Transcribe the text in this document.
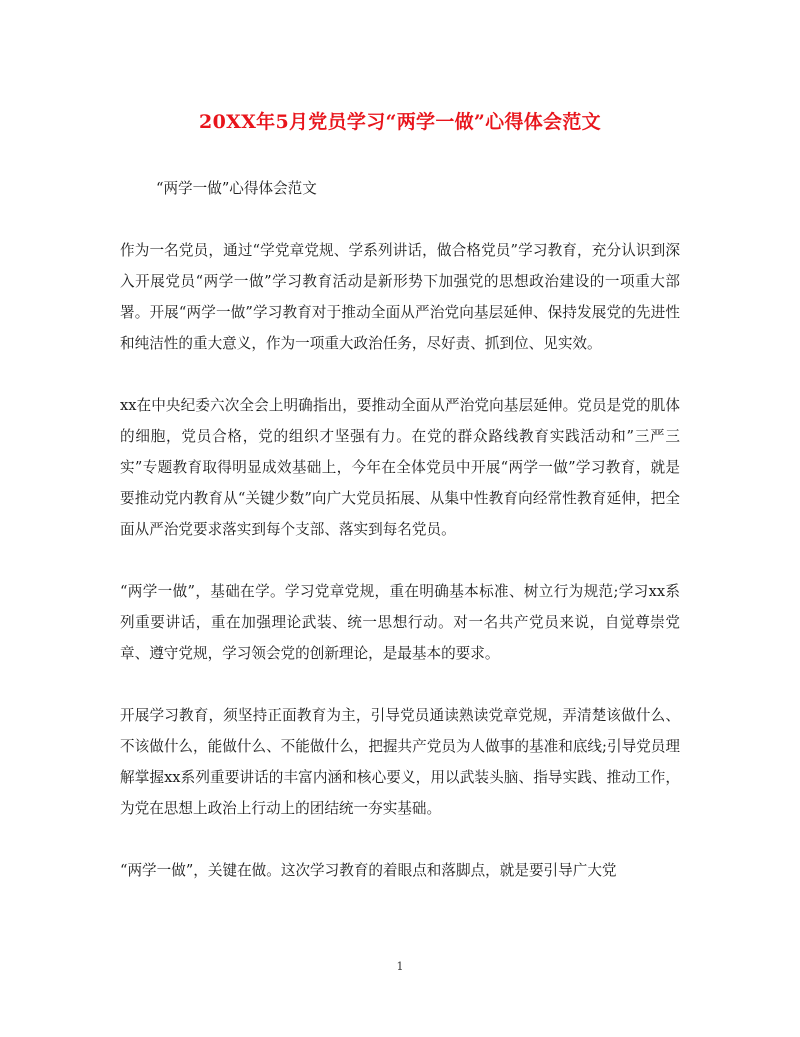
20XX年5月党员学习“两学一做”心得体会范文

“两学一做”心得体会范文

作为一名党员，通过“学党章党规、学系列讲话，做合格党员”学习教育，充分认识到深入开展党员“两学一做”学习教育活动是新形势下加强党的思想政治建设的一项重大部署。开展“两学一做”学习教育对于推动全面从严治党向基层延伸、保持发展党的先进性和纯洁性的重大意义，作为一项重大政治任务，尽好责、抓到位、见实效。

xx在中央纪委六次全会上明确指出，要推动全面从严治党向基层延伸。党员是党的肌体的细胞，党员合格，党的组织才坚强有力。在党的群众路线教育实践活动和”三严三实”专题教育取得明显成效基础上，今年在全体党员中开展“两学一做”学习教育，就是要推动党内教育从“关键少数”向广大党员拓展、从集中性教育向经常性教育延伸，把全面从严治党要求落实到每个支部、落实到每名党员。

“两学一做”，基础在学。学习党章党规，重在明确基本标准、树立行为规范;学习xx系列重要讲话，重在加强理论武装、统一思想行动。对一名共产党员来说，自觉尊崇党章、遵守党规，学习领会党的创新理论，是最基本的要求。

开展学习教育，须坚持正面教育为主，引导党员通读熟读党章党规，弄清楚该做什么、不该做什么，能做什么、不能做什么，把握共产党员为人做事的基准和底线;引导党员理解掌握xx系列重要讲话的丰富内涵和核心要义，用以武装头脑、指导实践、推动工作，为党在思想上政治上行动上的团结统一夯实基础。

“两学一做”，关键在做。这次学习教育的着眼点和落脚点，就是要引导广大党

1
